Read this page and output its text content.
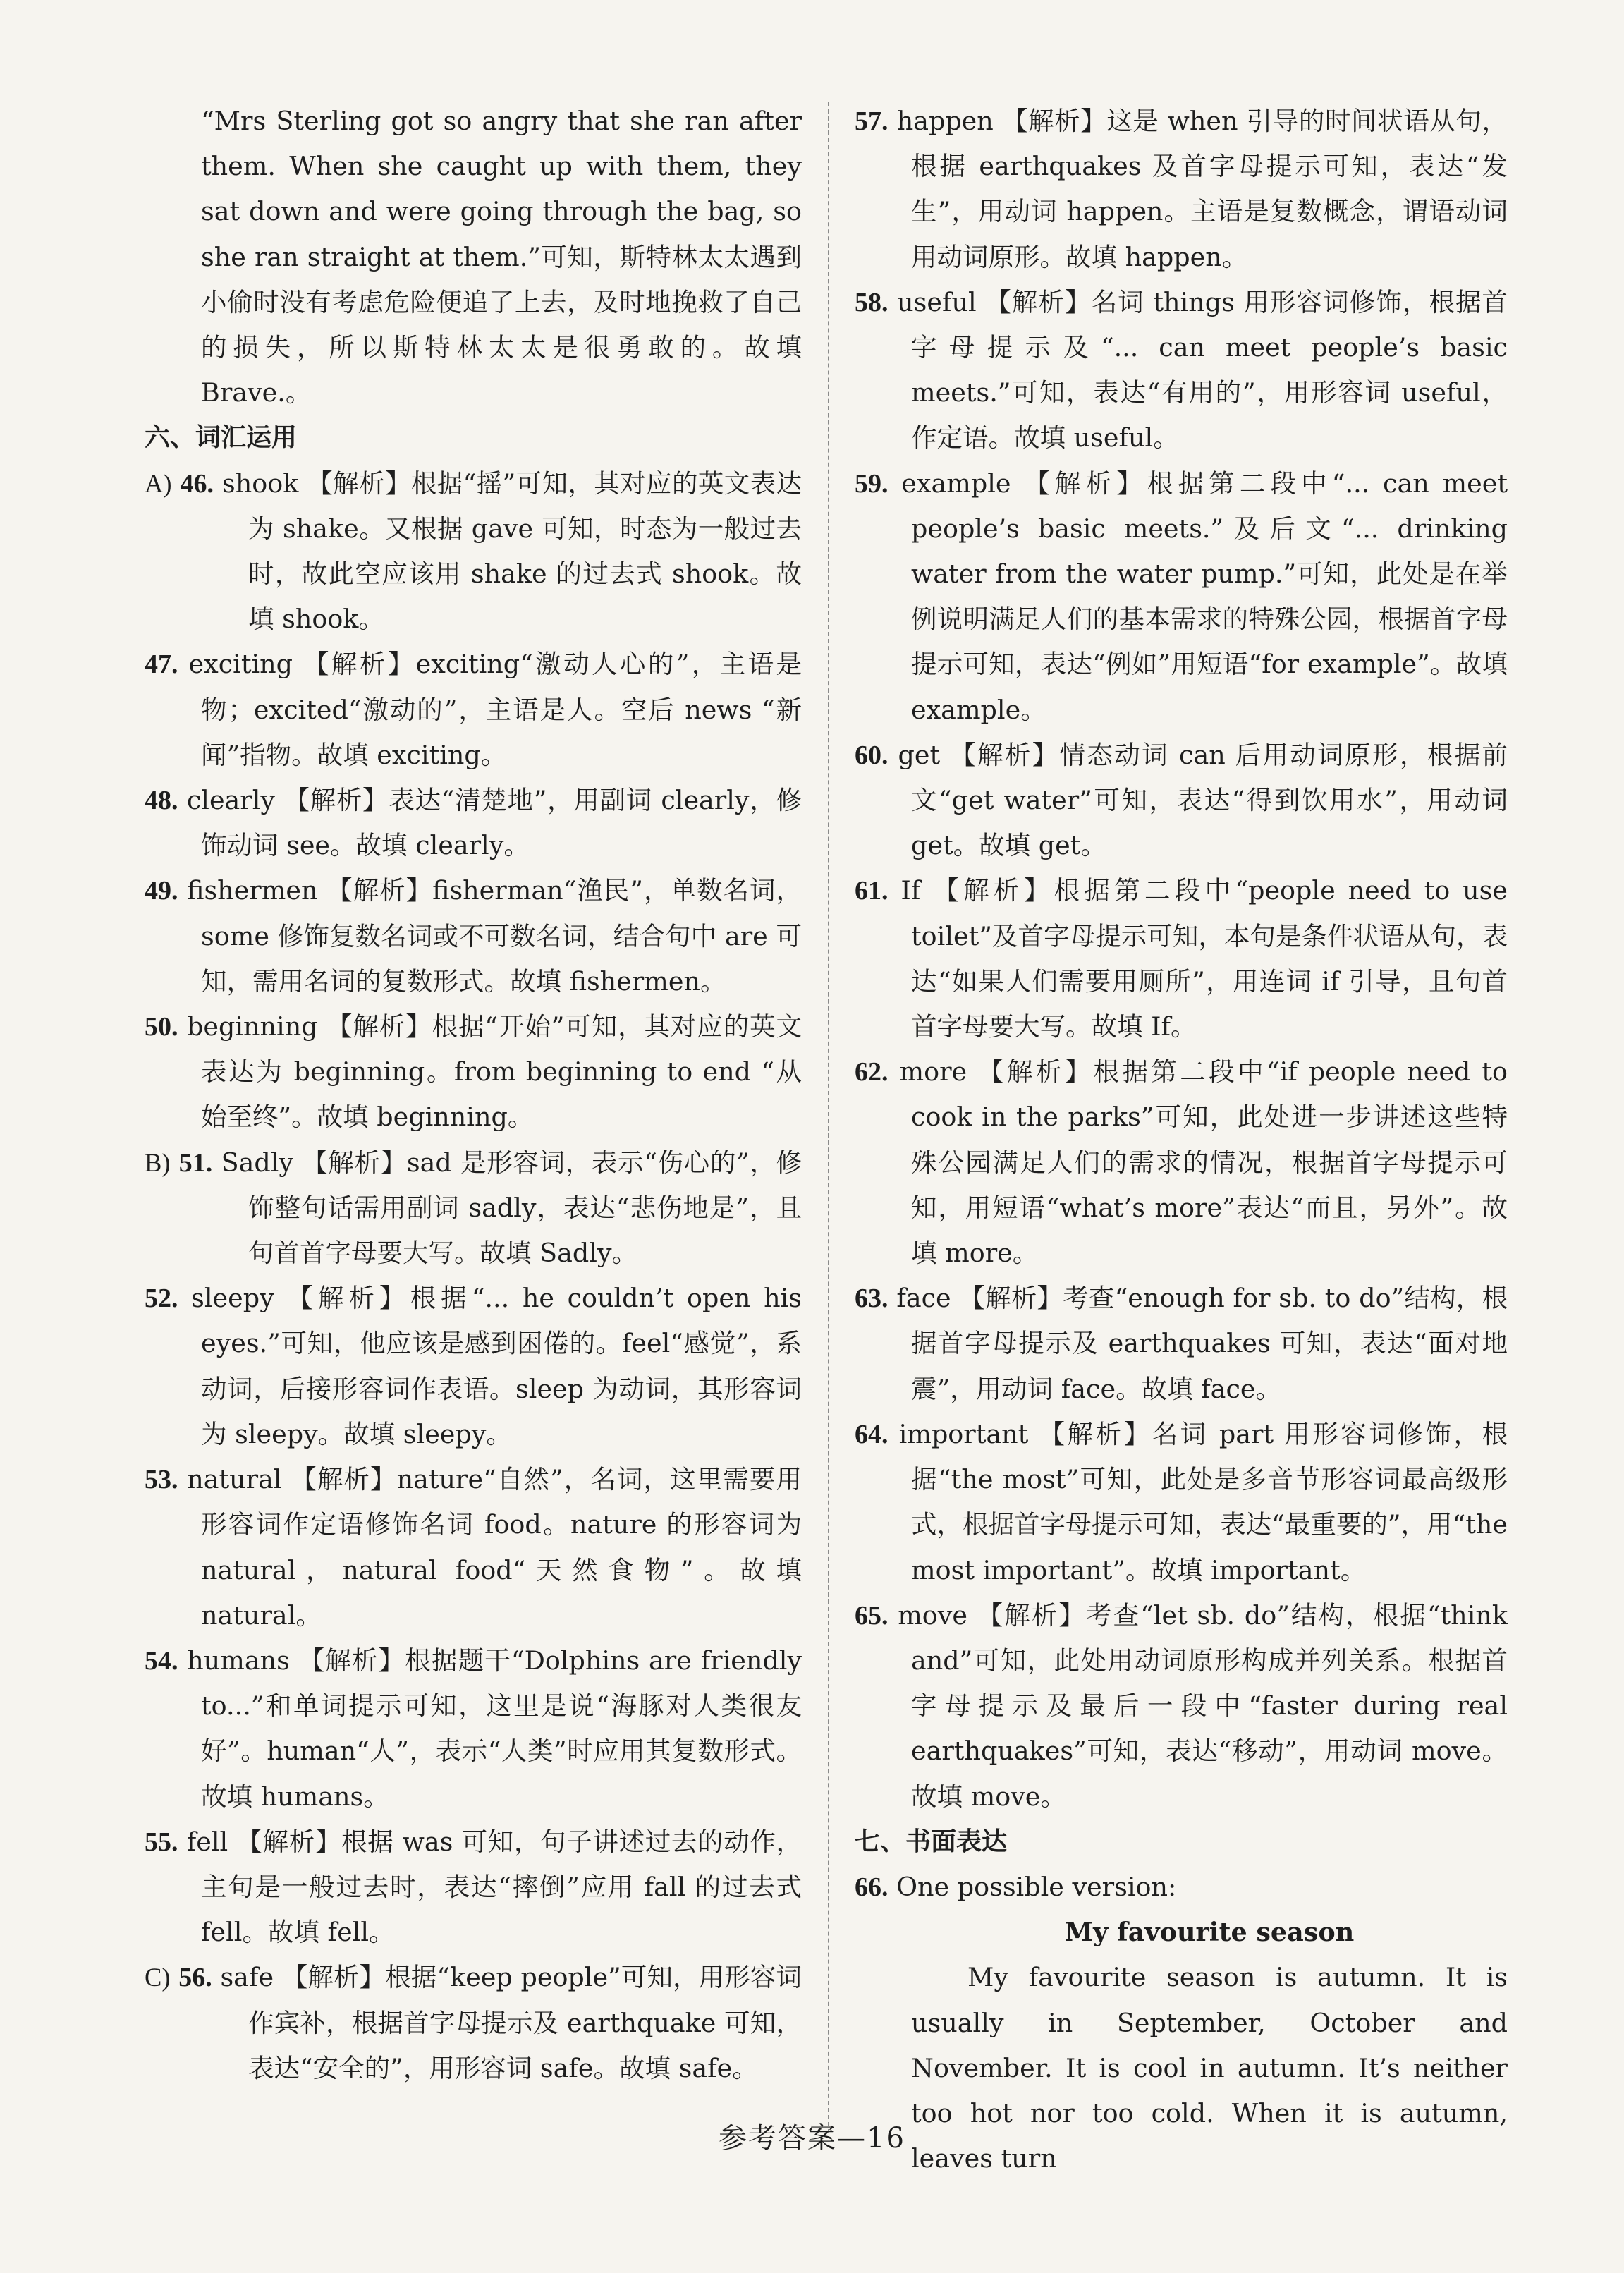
“Mrs Sterling got so angry that she ran after them. When she caught up with them, they sat down and were going through the bag, so she ran straight at them.”可知，斯特林太太遇到小偷时没有考虑危险便追了上去，及时地挽救了自己的损失，所以斯特林太太是很勇敢的。故填 Brave.。

六、词汇运用

A) 46. shook 【解析】根据“摇”可知，其对应的英文表达为 shake。又根据 gave 可知，时态为一般过去时，故此空应该用 shake 的过去式 shook。故填 shook。

47. exciting 【解析】exciting“激动人心的”，主语是物；excited“激动的”，主语是人。空后 news “新闻”指物。故填 exciting。

48. clearly 【解析】表达“清楚地”，用副词 clearly，修饰动词 see。故填 clearly。

49. fishermen 【解析】fisherman“渔民”，单数名词，some 修饰复数名词或不可数名词，结合句中 are 可知，需用名词的复数形式。故填 fishermen。

50. beginning 【解析】根据“开始”可知，其对应的英文表达为 beginning。from beginning to end “从始至终”。故填 beginning。

B) 51. Sadly 【解析】sad 是形容词，表示“伤心的”，修饰整句话需用副词 sadly，表达“悲伤地是”，且句首首字母要大写。故填 Sadly。

52. sleepy 【解析】根据“... he couldn’t open his eyes.”可知，他应该是感到困倦的。feel“感觉”，系动词，后接形容词作表语。sleep 为动词，其形容词为 sleepy。故填 sleepy。

53. natural 【解析】nature“自然”，名词，这里需要用形容词作定语修饰名词 food。nature 的形容词为 natural，natural food“天然食物”。故填 natural。

54. humans 【解析】根据题干“Dolphins are friendly to...”和单词提示可知，这里是说“海豚对人类很友好”。human“人”，表示“人类”时应用其复数形式。故填 humans。

55. fell 【解析】根据 was 可知，句子讲述过去的动作，主句是一般过去时，表达“摔倒”应用 fall 的过去式 fell。故填 fell。

C) 56. safe 【解析】根据“keep people”可知，用形容词作宾补，根据首字母提示及 earthquake 可知，表达“安全的”，用形容词 safe。故填 safe。

57. happen 【解析】这是 when 引导的时间状语从句，根据 earthquakes 及首字母提示可知，表达“发生”，用动词 happen。主语是复数概念，谓语动词用动词原形。故填 happen。

58. useful 【解析】名词 things 用形容词修饰，根据首字母提示及“... can meet people’s basic meets.”可知，表达“有用的”，用形容词 useful，作定语。故填 useful。

59. example 【解析】根据第二段中“... can meet people’s basic meets.”及后文“... drinking water from the water pump.”可知，此处是在举例说明满足人们的基本需求的特殊公园，根据首字母提示可知，表达“例如”用短语“for example”。故填 example。

60. get 【解析】情态动词 can 后用动词原形，根据前文“get water”可知，表达“得到饮用水”，用动词 get。故填 get。

61. If 【解析】根据第二段中“people need to use toilet”及首字母提示可知，本句是条件状语从句，表达“如果人们需要用厕所”，用连词 if 引导，且句首首字母要大写。故填 If。

62. more 【解析】根据第二段中“if people need to cook in the parks”可知，此处进一步讲述这些特殊公园满足人们的需求的情况，根据首字母提示可知，用短语“what’s more”表达“而且，另外”。故填 more。

63. face 【解析】考查“enough for sb. to do”结构，根据首字母提示及 earthquakes 可知，表达“面对地震”，用动词 face。故填 face。

64. important 【解析】名词 part 用形容词修饰，根据“the most”可知，此处是多音节形容词最高级形式，根据首字母提示可知，表达“最重要的”，用“the most important”。故填 important。

65. move 【解析】考查“let sb. do”结构，根据“think and”可知，此处用动词原形构成并列关系。根据首字母提示及最后一段中“faster during real earthquakes”可知，表达“移动”，用动词 move。故填 move。

七、书面表达

66. One possible version:

My favourite season

My favourite season is autumn. It is usually in September, October and November. It is cool in autumn. It’s neither too hot nor too cold. When it is autumn, leaves turn

参考答案—16
